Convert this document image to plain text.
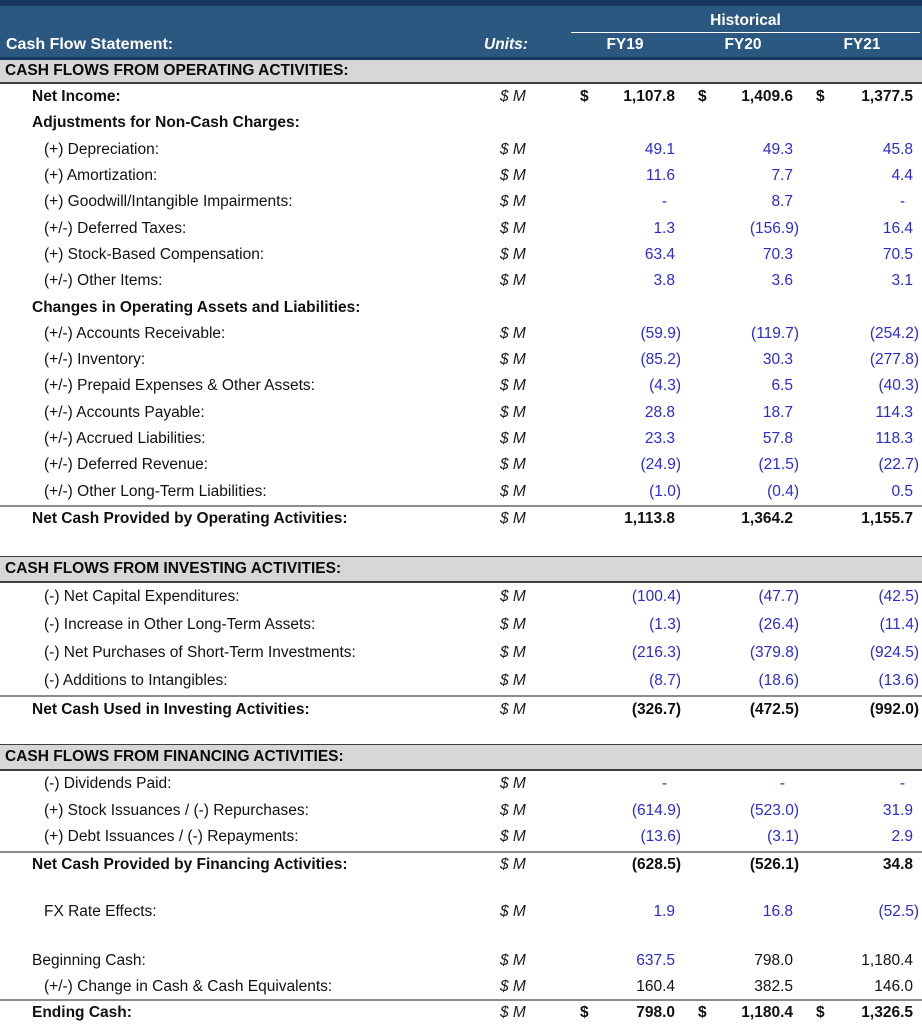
Historical
Cash Flow Statement:	Units:	FY19	FY20	FY21
CASH FLOWS FROM OPERATING ACTIVITIES:
Net Income:	$ M	$ 1,107.8 $ 1,409.6 $ 1,377.5
Adjustments for Non-Cash Charges:
(+) Depreciation:	$ M	49.1	49.3	45.8
(+) Amortization:	$ M	11.6	7.7	4.4
(+) Goodwill/Intangible Impairments:	$ M	-	8.7	-
(+/-) Deferred Taxes:	$ M	1.3	(156.9)	16.4
(+) Stock-Based Compensation:	$ M	63.4	70.3	70.5
(+/-) Other Items:	$ M	3.8	3.6	3.1
Changes in Operating Assets and Liabilities:
(+/-) Accounts Receivable:	$ M	(59.9)	(119.7)	(254.2)
(+/-) Inventory:	$ M	(85.2)	30.3	(277.8)
(+/-) Prepaid Expenses & Other Assets:	$ M	(4.3)	6.5	(40.3)
(+/-) Accounts Payable:	$ M	28.8	18.7	114.3
(+/-) Accrued Liabilities:	$ M	23.3	57.8	118.3
(+/-) Deferred Revenue:	$ M	(24.9)	(21.5)	(22.7)
(+/-) Other Long-Term Liabilities:	$ M	(1.0)	(0.4)	0.5
Net Cash Provided by Operating Activities:	$ M	1,113.8	1,364.2	1,155.7
CASH FLOWS FROM INVESTING ACTIVITIES:
(-) Net Capital Expenditures:	$ M	(100.4)	(47.7)	(42.5)
(-) Increase in Other Long-Term Assets:	$ M	(1.3)	(26.4)	(11.4)
(-) Net Purchases of Short-Term Investments:	$ M	(216.3)	(379.8)	(924.5)
(-) Additions to Intangibles:	$ M	(8.7)	(18.6)	(13.6)
Net Cash Used in Investing Activities:	$ M	(326.7)	(472.5)	(992.0)
CASH FLOWS FROM FINANCING ACTIVITIES:
(-) Dividends Paid:	$ M	-	-	-
(+) Stock Issuances / (-) Repurchases:	$ M	(614.9)	(523.0)	31.9
(+) Debt Issuances / (-) Repayments:	$ M	(13.6)	(3.1)	2.9
Net Cash Provided by Financing Activities:	$ M	(628.5)	(526.1)	34.8
FX Rate Effects:	$ M	1.9	16.8	(52.5)
Beginning Cash:	$ M	637.5	798.0	1,180.4
(+/-) Change in Cash & Cash Equivalents:	$ M	160.4	382.5	146.0
Ending Cash:	$ M	$	798.0 $ 1,180.4 $ 1,326.5
